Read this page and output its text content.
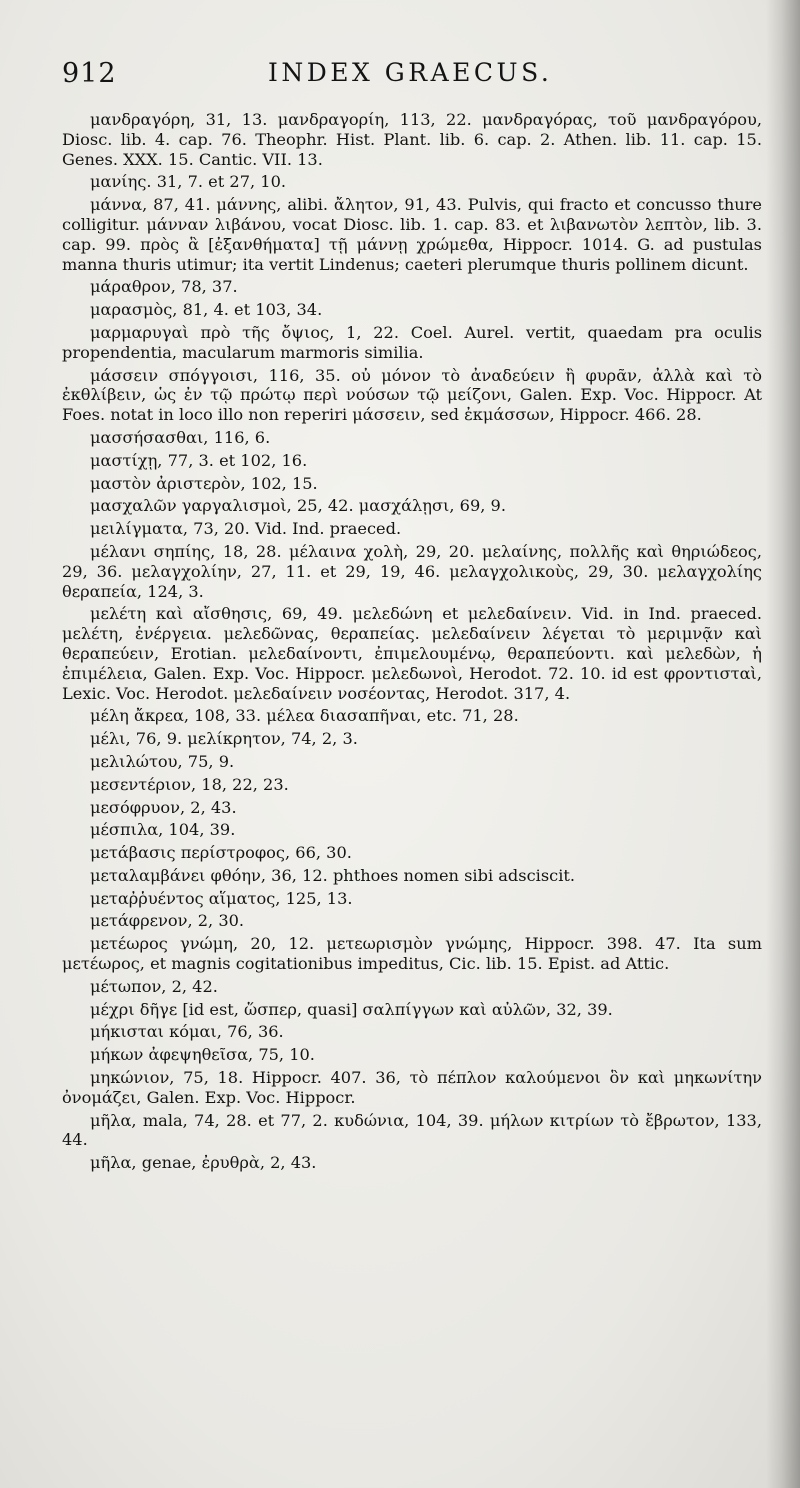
912	INDEX GRAECUS.

μανδραγόρη, 31, 13. μανδραγορίη, 113, 22. μανδραγόρας, τοῦ μανδραγόρου, Diosc. lib. 4. cap. 76. Theophr. Hist. Plant. lib. 6. cap. 2. Athen. lib. 11. cap. 15. Genes. XXX. 15. Cantic. VII. 13.

μανίης. 31, 7. et 27, 10.

μάννα, 87, 41. μάννης, alibi. ἄλητον, 91, 43. Pulvis, qui fracto et concusso thure colligitur. μάνναν λιβάνου, vocat Diosc. lib. 1. cap. 83. et λιβανωτὸν λεπτὸν, lib. 3. cap. 99. πρὸς ἃ [ἐξανθήματα] τῇ μάννῃ χρώμεθα, Hippocr. 1014. G. ad pustulas manna thuris utimur; ita vertit Lindenus; caeteri plerumque thuris pollinem dicunt.

μάραθρον, 78, 37.

μαρασμὸς, 81, 4. et 103, 34.

μαρμαρυγαὶ πρὸ τῆς ὄψιος, 1, 22. Coel. Aurel. vertit, quaedam pra oculis propendentia, macularum marmoris similia.

μάσσειν σπόγγοισι, 116, 35. οὐ μόνον τὸ ἀναδεύειν ἢ φυρᾶν, ἀλλὰ καὶ τὸ ἐκθλίβειν, ὡς ἐν τῷ πρώτῳ περὶ νούσων τῷ μείζονι, Galen. Exp. Voc. Hippocr. At Foes. notat in loco illo non reperiri μάσσειν, sed ἐκμάσσων, Hippocr. 466. 28.

μασσήσασθαι, 116, 6.

μαστίχῃ, 77, 3. et 102, 16.

μαστὸν ἀριστερὸν, 102, 15.

μασχαλῶν γαργαλισμοὶ, 25, 42. μασχάλῃσι, 69, 9.

μειλίγματα, 73, 20. Vid. Ind. praeced.

μέλανι σηπίης, 18, 28. μέλαινα χολὴ, 29, 20. μελαίνης, πολλῆς καὶ θηριώδεος, 29, 36. μελαγχολίην, 27, 11. et 29, 19, 46. μελαγχολικοὺς, 29, 30. μελαγχολίης θεραπεία, 124, 3.

μελέτη καὶ αἴσθησις, 69, 49. μελεδώνη et μελεδαίνειν. Vid. in Ind. praeced. μελέτη, ἐνέργεια. μελεδῶνας, θεραπείας. μελεδαίνειν λέγεται τὸ μεριμνᾷν καὶ θεραπεύειν, Erotian. μελεδαίνοντι, ἐπιμελουμένῳ, θεραπεύοντι. καὶ μελεδὼν, ἡ ἐπιμέλεια, Galen. Exp. Voc. Hippocr. μελεδωνοὶ, Herodot. 72. 10. id est φροντισταὶ, Lexic. Voc. Herodot. μελεδαίνειν νοσέοντας, Herodot. 317, 4.

μέλη ἄκρεα, 108, 33. μέλεα διασαπῆναι, etc. 71, 28.

μέλι, 76, 9. μελίκρητον, 74, 2, 3.

μελιλώτου, 75, 9.

μεσεντέριον, 18, 22, 23.

μεσόφρυον, 2, 43.

μέσπιλα, 104, 39.

μετάβασις περίστροφος, 66, 30.

μεταλαμβάνει φθόην, 36, 12. phthoes nomen sibi adsciscit.

μεταῤῥυέντος αἵματος, 125, 13.

μετάφρενον, 2, 30.

μετέωρος γνώμη, 20, 12. μετεωρισμὸν γνώμης, Hippocr. 398. 47. Ita sum μετέωρος, et magnis cogitationibus impeditus, Cic. lib. 15. Epist. ad Attic.

μέτωπον, 2, 42.

μέχρι δῆγε [id est, ὥσπερ, quasi] σαλπίγγων καὶ αὐλῶν, 32, 39.

μήκισται κόμαι, 76, 36.

μήκων ἀφεψηθεῖσα, 75, 10.

μηκώνιον, 75, 18. Hippocr. 407. 36, τὸ πέπλον καλούμενοι ὃν καὶ μηκωνίτην ὀνομάζει, Galen. Exp. Voc. Hippocr.

μῆλα, mala, 74, 28. et 77, 2. κυδώνια, 104, 39. μήλων κιτρίων τὸ ἔβρωτον, 133, 44.

μῆλα, genae, ἐρυθρὰ, 2, 43.
